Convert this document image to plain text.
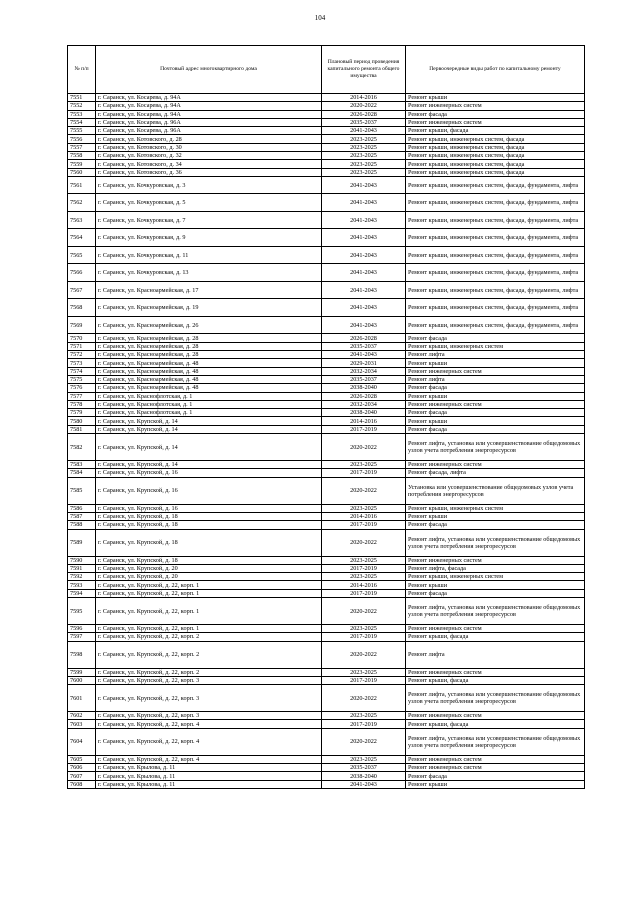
104
№ п/п	Почтовый адрес многоквартирного дома	Плановый период проведения капитального ремонта общего имущества	Первоочередные виды работ по капитальному ремонту
7551	г. Саранск, ул. Косарева, д. 94А	2014-2016	Ремонт крыши
7552	г. Саранск, ул. Косарева, д. 94А	2020-2022	Ремонт инженерных систем
7553	г. Саранск, ул. Косарева, д. 94А	2026-2028	Ремонт фасада
7554	г. Саранск, ул. Косарева, д. 96А	2035-2037	Ремонт инженерных систем
7555	г. Саранск, ул. Косарева, д. 96А	2041-2043	Ремонт крыши, фасада
7556	г. Саранск, ул. Котовского, д. 28	2023-2025	Ремонт крыши, инженерных систем, фасада
7557	г. Саранск, ул. Котовского, д. 30	2023-2025	Ремонт крыши, инженерных систем, фасада
7558	г. Саранск, ул. Котовского, д. 32	2023-2025	Ремонт крыши, инженерных систем, фасада
7559	г. Саранск, ул. Котовского, д. 34	2023-2025	Ремонт крыши, инженерных систем, фасада
7560	г. Саранск, ул. Котовского, д. 36	2023-2025	Ремонт крыши, инженерных систем, фасада
7561	г. Саранск, ул. Кочкуровская, д. 3	2041-2043	Ремонт крыши, инженерных систем, фасада, фундамента, лифта
7562	г. Саранск, ул. Кочкуровская, д. 5	2041-2043	Ремонт крыши, инженерных систем, фасада, фундамента, лифта
7563	г. Саранск, ул. Кочкуровская, д. 7	2041-2043	Ремонт крыши, инженерных систем, фасада, фундамента, лифта
7564	г. Саранск, ул. Кочкуровская, д. 9	2041-2043	Ремонт крыши, инженерных систем, фасада, фундамента, лифта
7565	г. Саранск, ул. Кочкуровская, д. 11	2041-2043	Ремонт крыши, инженерных систем, фасада, фундамента, лифта
7566	г. Саранск, ул. Кочкуровская, д. 13	2041-2043	Ремонт крыши, инженерных систем, фасада, фундамента, лифта
7567	г. Саранск, ул. Красноармейская, д. 17	2041-2043	Ремонт крыши, инженерных систем, фасада, фундамента, лифта
7568	г. Саранск, ул. Красноармейская, д. 19	2041-2043	Ремонт крыши, инженерных систем, фасада, фундамента, лифта
7569	г. Саранск, ул. Красноармейская, д. 26	2041-2043	Ремонт крыши, инженерных систем, фасада, фундамента, лифта
7570	г. Саранск, ул. Красноармейская, д. 28	2026-2028	Ремонт фасада
7571	г. Саранск, ул. Красноармейская, д. 28	2035-2037	Ремонт крыши, инженерных систем
7572	г. Саранск, ул. Красноармейская, д. 28	2041-2043	Ремонт лифта
7573	г. Саранск, ул. Красноармейская, д. 48	2029-2031	Ремонт крыши
7574	г. Саранск, ул. Красноармейская, д. 48	2032-2034	Ремонт инженерных систем
7575	г. Саранск, ул. Красноармейская, д. 48	2035-2037	Ремонт лифта
7576	г. Саранск, ул. Красноармейская, д. 48	2038-2040	Ремонт фасада
7577	г. Саранск, ул. Краснофлотская, д. 1	2026-2028	Ремонт крыши
7578	г. Саранск, ул. Краснофлотская, д. 1	2032-2034	Ремонт инженерных систем
7579	г. Саранск, ул. Краснофлотская, д. 1	2038-2040	Ремонт фасада
7580	г. Саранск, ул. Крупской, д. 14	2014-2016	Ремонт крыши
7581	г. Саранск, ул. Крупской, д. 14	2017-2019	Ремонт фасада
7582	г. Саранск, ул. Крупской, д. 14	2020-2022	Ремонт лифта, установка или усовершенствование общедомовых узлов учета потребления энергоресурсов
7583	г. Саранск, ул. Крупской, д. 14	2023-2025	Ремонт инженерных систем
7584	г. Саранск, ул. Крупской, д. 16	2017-2019	Ремонт фасада, лифта
7585	г. Саранск, ул. Крупской, д. 16	2020-2022	Установка или усовершенствование общедомовых узлов учета потребления энергоресурсов
7586	г. Саранск, ул. Крупской, д. 16	2023-2025	Ремонт крыши, инженерных систем
7587	г. Саранск, ул. Крупской, д. 18	2014-2016	Ремонт крыши
7588	г. Саранск, ул. Крупской, д. 18	2017-2019	Ремонт фасада
7589	г. Саранск, ул. Крупской, д. 18	2020-2022	Ремонт лифта, установка или усовершенствование общедомовых узлов учета потребления энергоресурсов
7590	г. Саранск, ул. Крупской, д. 18	2023-2025	Ремонт инженерных систем
7591	г. Саранск, ул. Крупской, д. 20	2017-2019	Ремонт лифта, фасада
7592	г. Саранск, ул. Крупской, д. 20	2023-2025	Ремонт крыши, инженерных систем
7593	г. Саранск, ул. Крупской, д. 22, корп. 1	2014-2016	Ремонт крыши
7594	г. Саранск, ул. Крупской, д. 22, корп. 1	2017-2019	Ремонт фасада
7595	г. Саранск, ул. Крупской, д. 22, корп. 1	2020-2022	Ремонт лифта, установка или усовершенствование общедомовых узлов учета потребления энергоресурсов
7596	г. Саранск, ул. Крупской, д. 22, корп. 1	2023-2025	Ремонт инженерных систем
7597	г. Саранск, ул. Крупской, д. 22, корп. 2	2017-2019	Ремонт крыши, фасада
7598	г. Саранск, ул. Крупской, д. 22, корп. 2	2020-2022	Ремонт лифта
7599	г. Саранск, ул. Крупской, д. 22, корп. 2	2023-2025	Ремонт инженерных систем
7600	г. Саранск, ул. Крупской, д. 22, корп. 3	2017-2019	Ремонт крыши, фасада
7601	г. Саранск, ул. Крупской, д. 22, корп. 3	2020-2022	Ремонт лифта, установка или усовершенствование общедомовых узлов учета потребления энергоресурсов
7602	г. Саранск, ул. Крупской, д. 22, корп. 3	2023-2025	Ремонт инженерных систем
7603	г. Саранск, ул. Крупской, д. 22, корп. 4	2017-2019	Ремонт крыши, фасада
7604	г. Саранск, ул. Крупской, д. 22, корп. 4	2020-2022	Ремонт лифта, установка или усовершенствование общедомовых узлов учета потребления энергоресурсов
7605	г. Саранск, ул. Крупской, д. 22, корп. 4	2023-2025	Ремонт инженерных систем
7606	г. Саранск, ул. Крылова, д. 11	2035-2037	Ремонт инженерных систем
7607	г. Саранск, ул. Крылова, д. 11	2038-2040	Ремонт фасада
7608	г. Саранск, ул. Крылова, д. 11	2041-2043	Ремонт крыши
